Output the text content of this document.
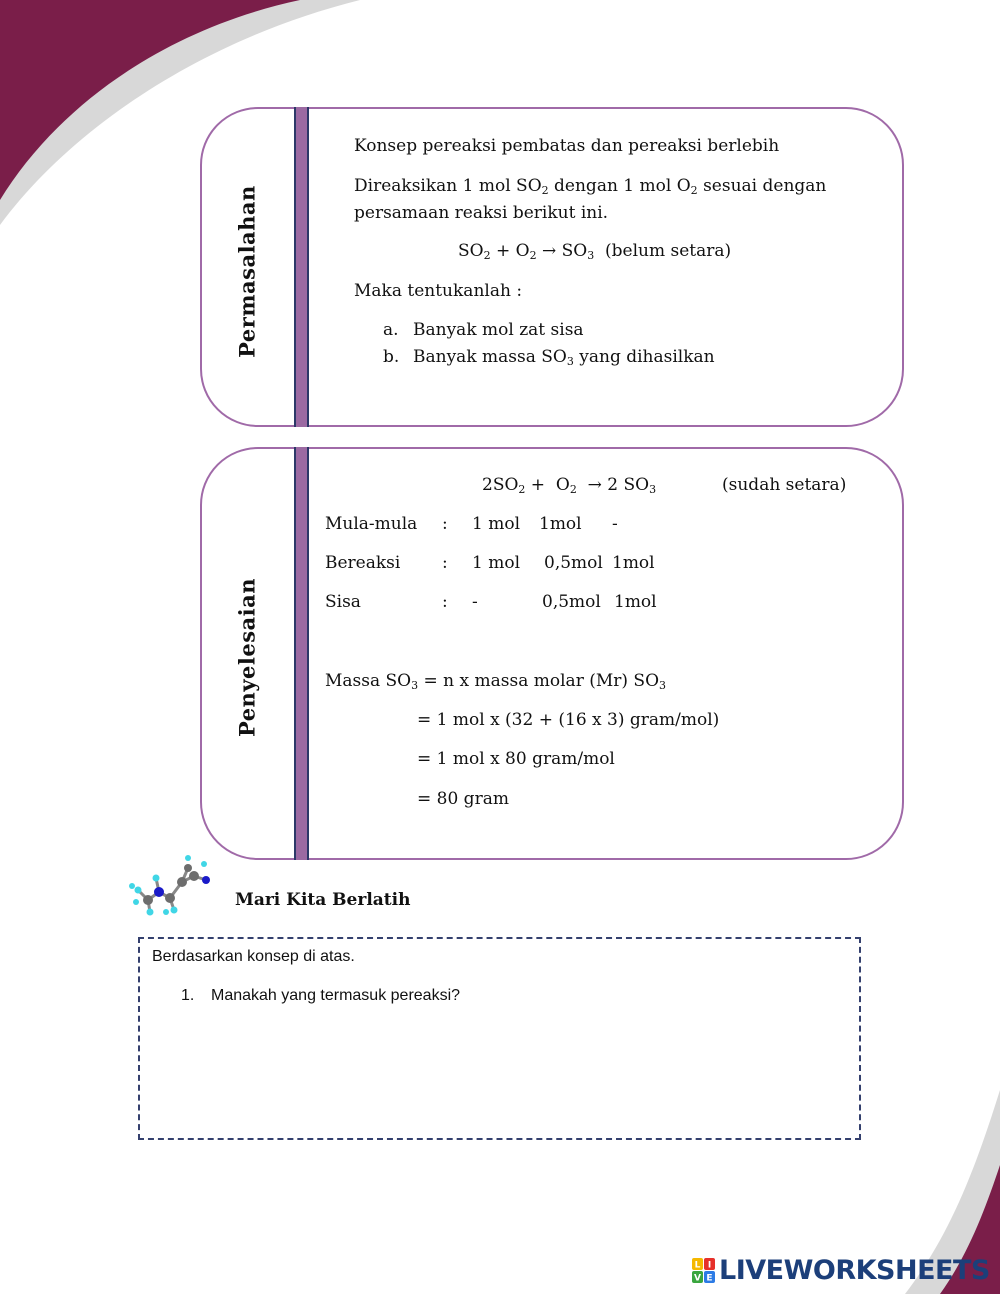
Permasalahan
Konsep pereaksi pembatas dan pereaksi berlebih
Direaksikan 1 mol $SO_2$ dengan 1 mol $O_2$ sesuai dengan
persamaan reaksi berikut ini.
$SO_2 + O_2 \to SO_3$  (belum setara)
Maka tentukanlah :
a. Banyak mol zat sisa
b. Banyak massa $SO_3$ yang dihasilkan
Penyelesaian
$2SO_2 + O_2 \to 2$ $SO_3$	(sudah setara)
Mula-mula : 1 mol 1mol -
Bereaksi : 1 mol 0,5mol 1mol
Sisa	: -	0,5mol 1mol
Massa $SO_3 = n$ x massa molar (Mr) $SO_3$
= 1 mol x (32 + (16 x 3) gram/mol)
= 1 mol x 80 gram/mol
= 80 gram
Mari Kita Berlatih
Berdasarkan konsep di atas.
1. Manakah yang termasuk pereaksi?
L I
V E LIVEWORKSHEETS
